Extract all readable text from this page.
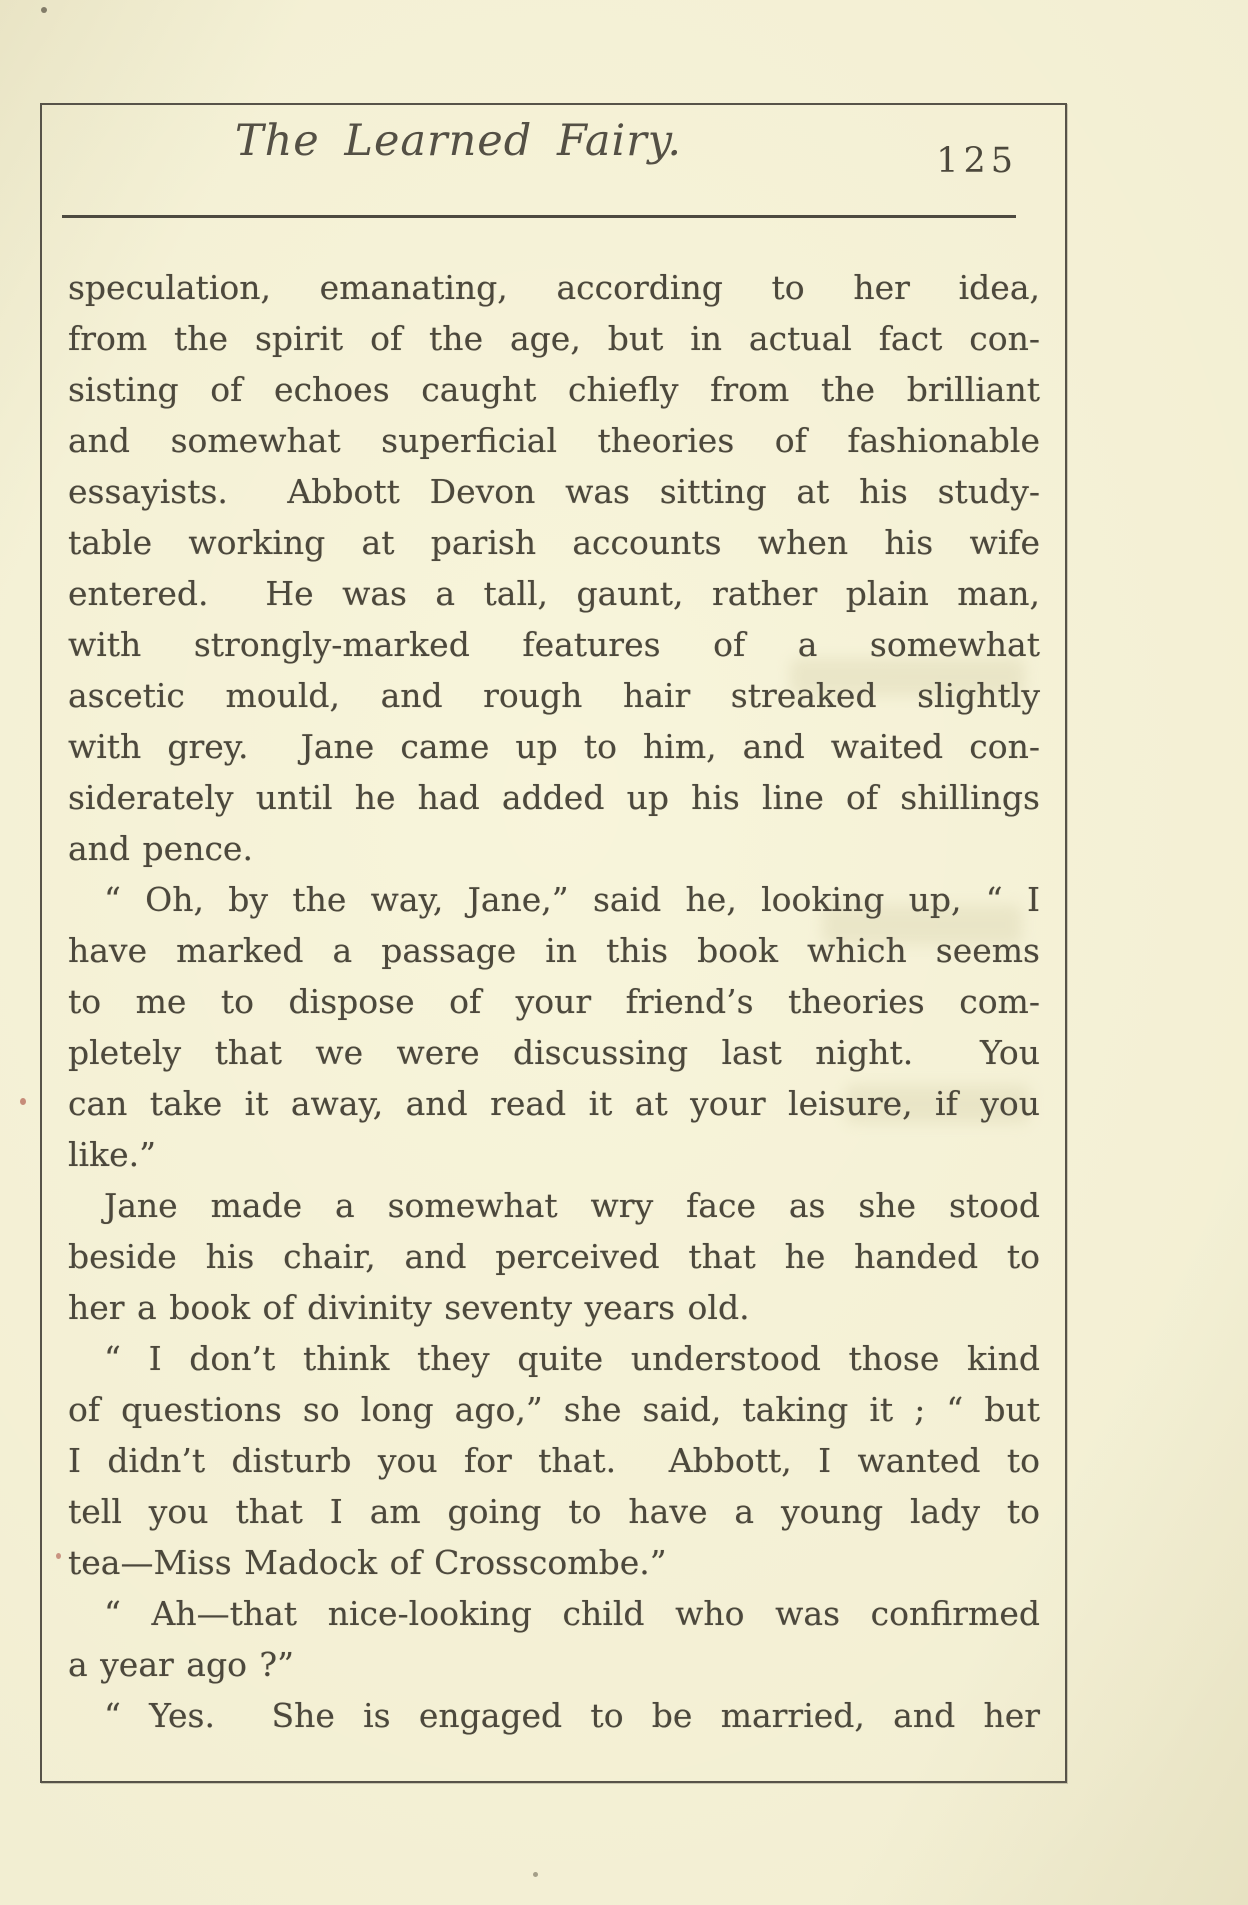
The Learned Fairy.	125
speculation, emanating, according to her idea,
from the spirit of the age, but in actual fact con-
sisting of echoes caught chiefly from the brilliant
and somewhat superficial theories of fashionable
essayists.  Abbott Devon was sitting at his study-
table working at parish accounts when his wife
entered.  He was a tall, gaunt, rather plain man,
with strongly-marked features of a somewhat
ascetic mould, and rough hair streaked slightly
with grey.  Jane came up to him, and waited con-
siderately until he had added up his line of shillings
and pence.
“ Oh, by the way, Jane,” said he, looking up, “ I
have marked a passage in this book which seems
to me to dispose of your friend’s theories com-
pletely that we were discussing last night.  You
can take it away, and read it at your leisure, if you
like.”
Jane made a somewhat wry face as she stood
beside his chair, and perceived that he handed to
her a book of divinity seventy years old.
“ I don’t think they quite understood those kind
of questions so long ago,” she said, taking it ; “ but
I didn’t disturb you for that.  Abbott, I wanted to
tell you that I am going to have a young lady to
tea—Miss Madock of Crosscombe.”
“ Ah—that nice-looking child who was confirmed
a year ago ?”
“ Yes.  She is engaged to be married, and her
